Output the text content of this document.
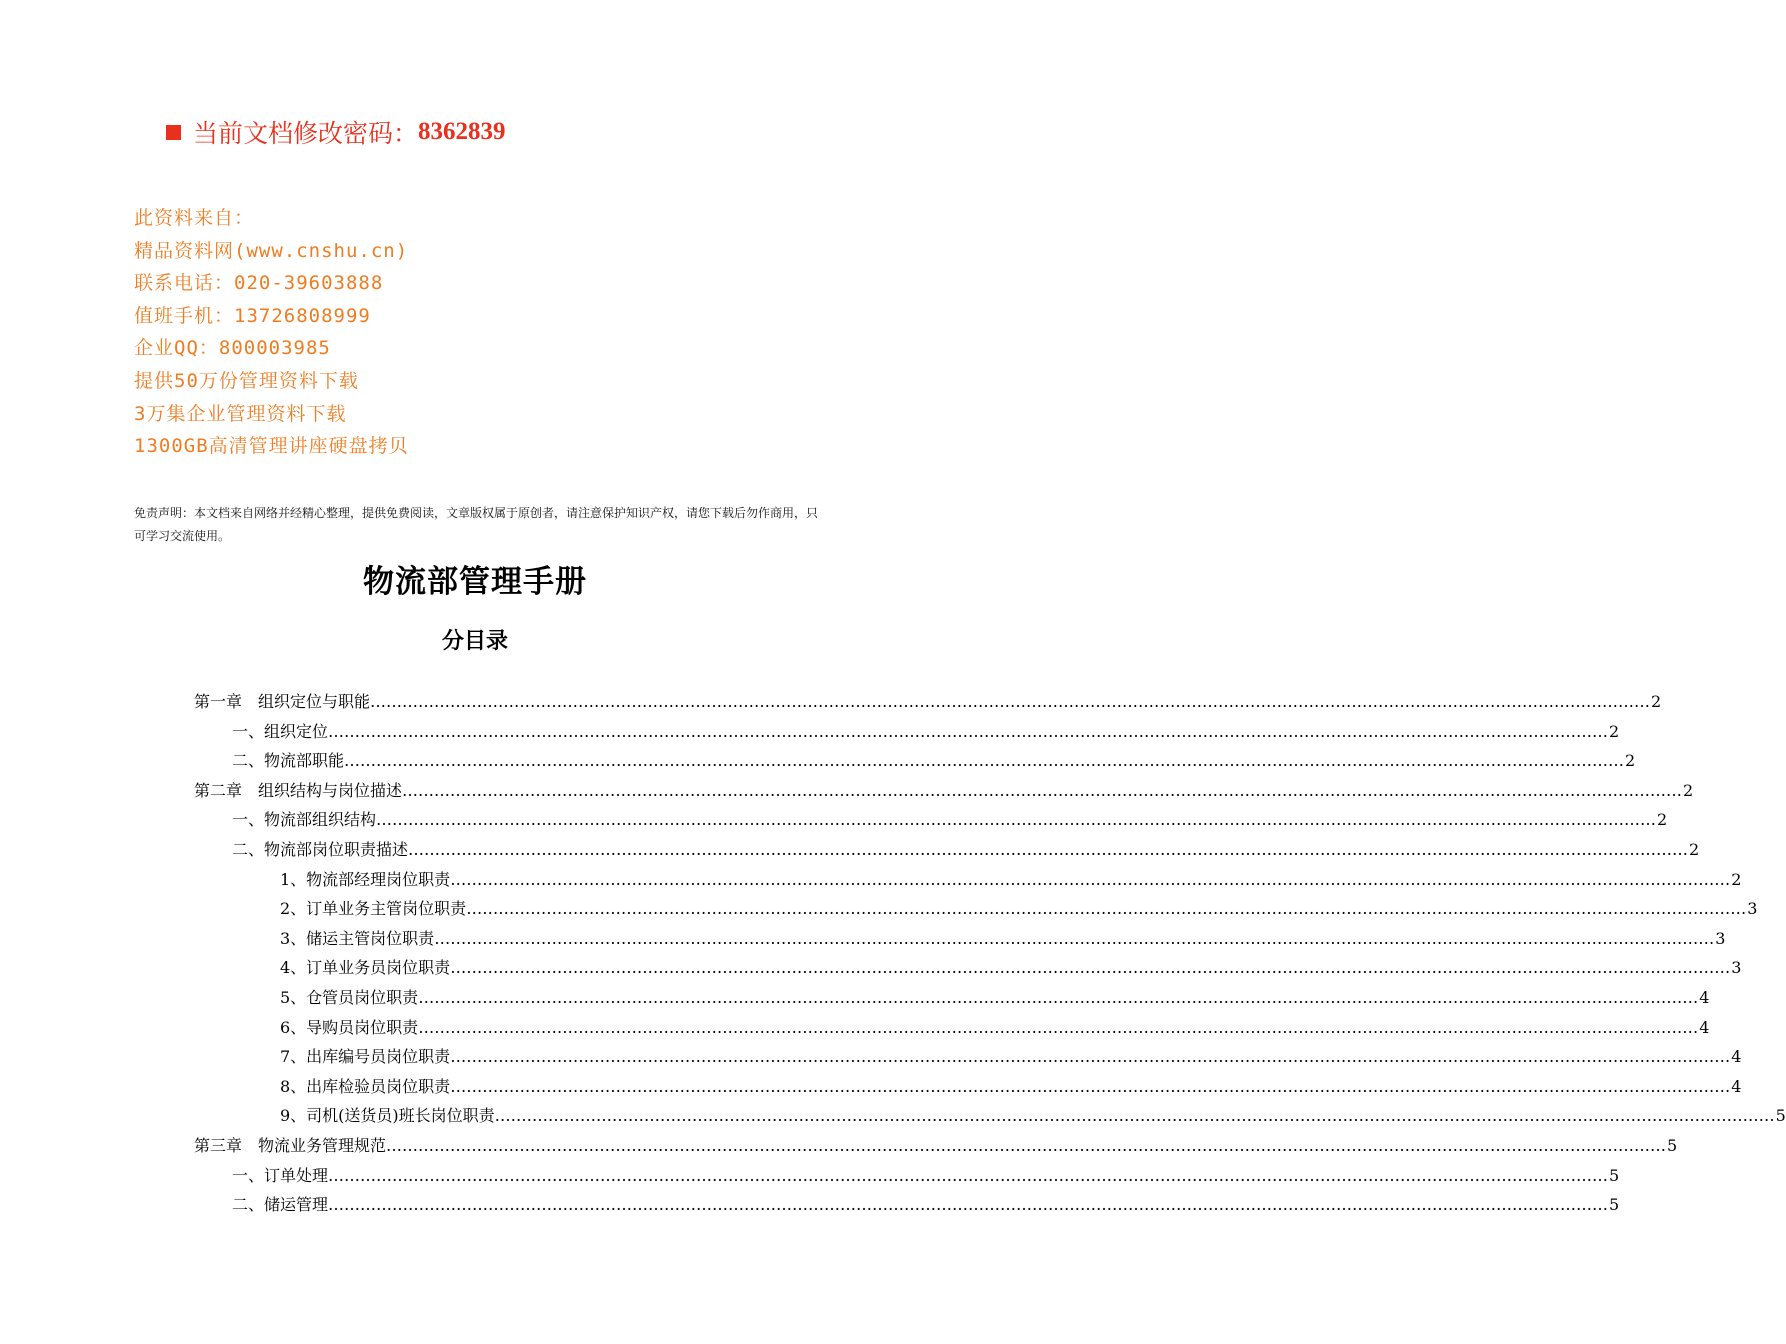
当前文档修改密码： 8362839
此资料来自：
精品资料网(www.cnshu.cn)
联系电话：020-39603888
值班手机：13726808999
企业QQ：800003985
提供50万份管理资料下载
3万集企业管理资料下载
1300GB高清管理讲座硬盘拷贝
免责声明：本文档来自网络并经精心整理，提供免费阅读，文章版权属于原创者，请注意保护知识产权，请您下载后勿作商用，只可学习交流使用。
物流部管理手册
分目录
第一章　组织定位与职能 …………………………………………………………………………………………………………………………………………………………………………………………………………………… 2
一、组织定位 …………………………………………………………………………………………………………………………………………………………………………………………………………………… 2
二、物流部职能 …………………………………………………………………………………………………………………………………………………………………………………………………………………… 2
第二章　组织结构与岗位描述 …………………………………………………………………………………………………………………………………………………………………………………………………………………… 2
一、物流部组织结构 …………………………………………………………………………………………………………………………………………………………………………………………………………………… 2
二、物流部岗位职责描述 …………………………………………………………………………………………………………………………………………………………………………………………………………………… 2
1、物流部经理岗位职责 …………………………………………………………………………………………………………………………………………………………………………………………………………………… 2
2、订单业务主管岗位职责 …………………………………………………………………………………………………………………………………………………………………………………………………………………… 3
3、储运主管岗位职责 …………………………………………………………………………………………………………………………………………………………………………………………………………………… 3
4、订单业务员岗位职责 …………………………………………………………………………………………………………………………………………………………………………………………………………………… 3
5、仓管员岗位职责 …………………………………………………………………………………………………………………………………………………………………………………………………………………… 4
6、导购员岗位职责 …………………………………………………………………………………………………………………………………………………………………………………………………………………… 4
7、出库编号员岗位职责 …………………………………………………………………………………………………………………………………………………………………………………………………………………… 4
8、出库检验员岗位职责 …………………………………………………………………………………………………………………………………………………………………………………………………………………… 4
9、司机(送货员)班长岗位职责 …………………………………………………………………………………………………………………………………………………………………………………………………………………… 5
第三章　物流业务管理规范 …………………………………………………………………………………………………………………………………………………………………………………………………………………… 5
一、订单处理 …………………………………………………………………………………………………………………………………………………………………………………………………………………… 5
二、储运管理 …………………………………………………………………………………………………………………………………………………………………………………………………………………… 5
